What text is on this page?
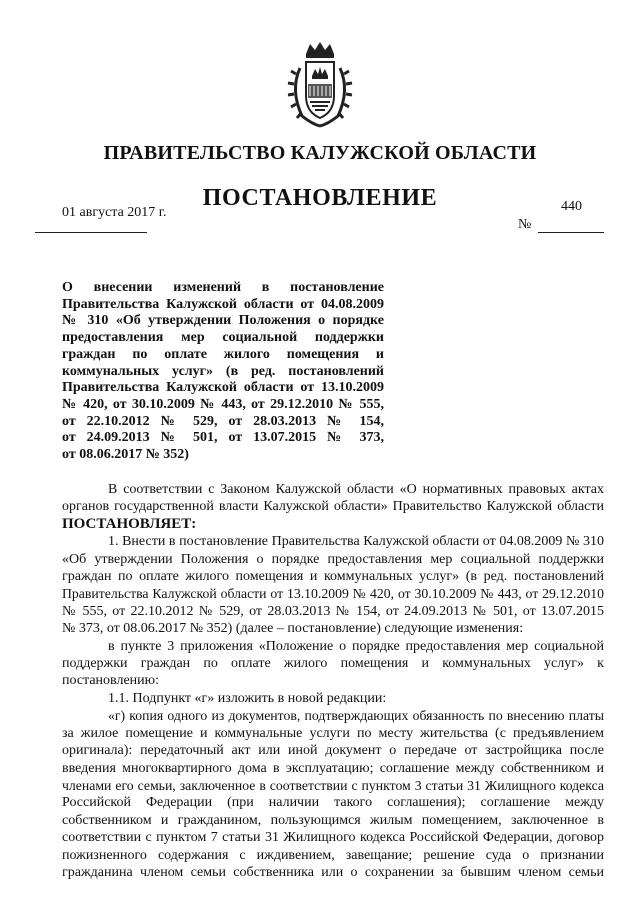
ПРАВИТЕЛЬСТВО КАЛУЖСКОЙ ОБЛАСТИ
ПОСТАНОВЛЕНИЕ
01 августа 2017 г.	440
№
О внесении изменений в постановление
Правительства Калужской области от 04.08.2009
№ 310 «Об утверждении Положения о порядке
предоставления мер социальной поддержки
граждан по оплате жилого помещения и
коммунальных услуг» (в ред. постановлений
Правительства Калужской области от 13.10.2009
№ 420, от 30.10.2009 № 443, от 29.12.2010 № 555,
от 22.10.2012 № 529, от 28.03.2013 № 154,
от 24.09.2013 № 501, от 13.07.2015 № 373,
от 08.06.2017 № 352)
В соответствии с Законом Калужской области «О нормативных правовых актах
органов государственной власти Калужской области» Правительство Калужской области
ПОСТАНОВЛЯЕТ:
1. Внести в постановление Правительства Калужской области от 04.08.2009 № 310
«Об утверждении Положения о порядке предоставления мер социальной поддержки
граждан по оплате жилого помещения и коммунальных услуг» (в ред. постановлений
Правительства Калужской области от 13.10.2009 № 420, от 30.10.2009 № 443, от 29.12.2010
№ 555, от 22.10.2012 № 529, от 28.03.2013 № 154, от 24.09.2013 № 501, от 13.07.2015
№ 373, от 08.06.2017 № 352) (далее – постановление) следующие изменения:
в пункте 3 приложения «Положение о порядке предоставления мер социальной
поддержки граждан по оплате жилого помещения и коммунальных услуг» к
постановлению:
1.1. Подпункт «г» изложить в новой редакции:
«г) копия одного из документов, подтверждающих обязанность по внесению платы
за жилое помещение и коммунальные услуги по месту жительства (с предъявлением
оригинала): передаточный акт или иной документ о передаче от застройщика после
введения многоквартирного дома в эксплуатацию; соглашение между собственником и
членами его семьи, заключенное в соответствии с пунктом 3 статьи 31 Жилищного кодекса
Российской Федерации (при наличии такого соглашения); соглашение между
собственником и гражданином, пользующимся жилым помещением, заключенное в
соответствии с пунктом 7 статьи 31 Жилищного кодекса Российской Федерации, договор
пожизненного содержания с иждивением, завещание; решение суда о признании
гражданина членом семьи собственника или о сохранении за бывшим членом семьи
